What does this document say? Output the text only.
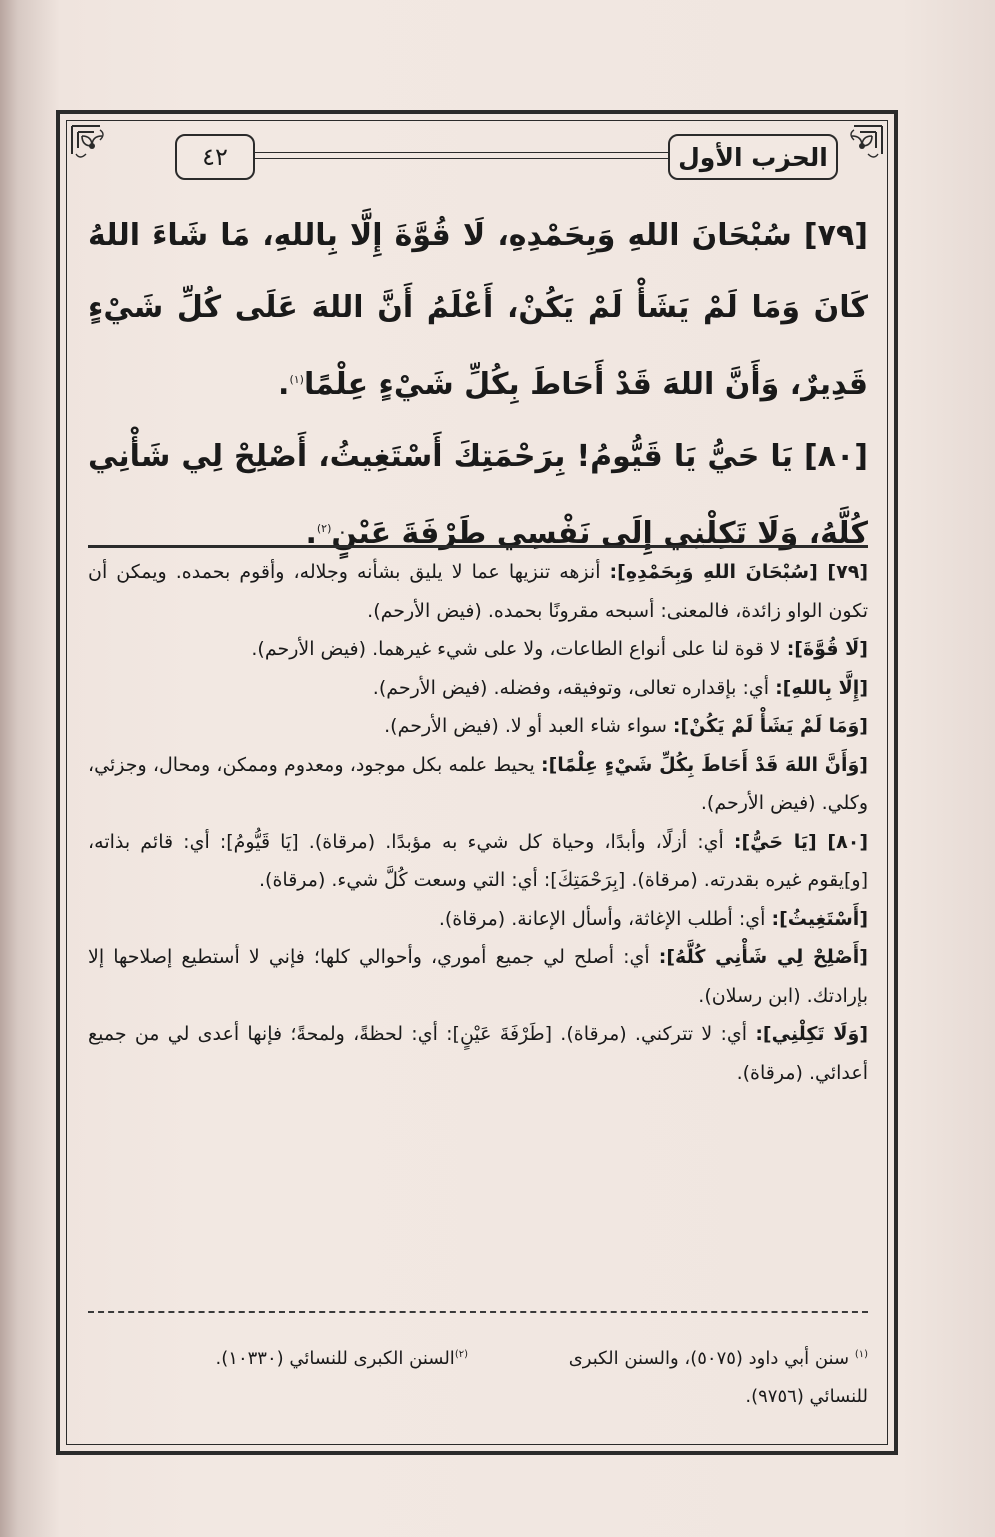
الحزب الأول
٤٢

[٧٩] سُبْحَانَ اللهِ وَبِحَمْدِهِ، لَا قُوَّةَ إِلَّا بِاللهِ، مَا شَاءَ اللهُ كَانَ وَمَا لَمْ يَشَأْ لَمْ يَكُنْ، أَعْلَمُ أَنَّ اللهَ عَلَى كُلِّ شَيْءٍ قَدِيرٌ، وَأَنَّ اللهَ قَدْ أَحَاطَ بِكُلِّ شَيْءٍ عِلْمًا$^{(١)}$.

[٨٠] يَا حَيُّ يَا قَيُّومُ! بِرَحْمَتِكَ أَسْتَغِيثُ، أَصْلِحْ لِي شَأْنِي كُلَّهُ، وَلَا تَكِلْنِي إِلَى نَفْسِي طَرْفَةَ عَيْنٍ$^{(٢)}$.

[٧٩] [سُبْحَانَ اللهِ وَبِحَمْدِهِ]: أنزهه تنزيها عما لا يليق بشأنه وجلاله، وأقوم بحمده. ويمكن أن تكون الواو زائدة، فالمعنى: أسبحه مقرونًا بحمده. (فيض الأرحم).

[لَا قُوَّةَ]: لا قوة لنا على أنواع الطاعات، ولا على شيء غيرهما. (فيض الأرحم).

[إِلَّا بِاللهِ]: أي: بإقداره تعالى، وتوفيقه، وفضله. (فيض الأرحم).

[وَمَا لَمْ يَشَأْ لَمْ يَكُنْ]: سواء شاء العبد أو لا. (فيض الأرحم).

[وَأَنَّ اللهَ قَدْ أَحَاطَ بِكُلِّ شَيْءٍ عِلْمًا]: يحيط علمه بكل موجود، ومعدوم وممكن، ومحال، وجزئي، وكلي. (فيض الأرحم).

[٨٠] [يَا حَيُّ]: أي: أزلًا، وأبدًا، وحياة كل شيء به مؤبدًا. (مرقاة). [يَا قَيُّومُ]: أي: قائم بذاته، [و]يقوم غيره بقدرته. (مرقاة). [بِرَحْمَتِكَ]: أي: التي وسعت كُلَّ شيء. (مرقاة).

[أَسْتَغِيثُ]: أي: أطلب الإغاثة، وأسأل الإعانة. (مرقاة).

[أَصْلِحْ لِي شَأْنِي كُلَّهُ]: أي: أصلح لي جميع أموري، وأحوالي كلها؛ فإني لا أستطيع إصلاحها إلا بإرادتك. (ابن رسلان).

[وَلَا تَكِلْنِي]: أي: لا تتركني. (مرقاة). [طَرْفَةَ عَيْنٍ]: أي: لحظةً، ولمحةً؛ فإنها أعدى لي من جميع أعدائي. (مرقاة).

$^{(١)}$ سنن أبي داود (٥٠٧٥)، والسنن الكبرى للنسائي (٩٧٥٦).
$^{(٢)}$السنن الكبرى للنسائي (١٠٣٣٠).
